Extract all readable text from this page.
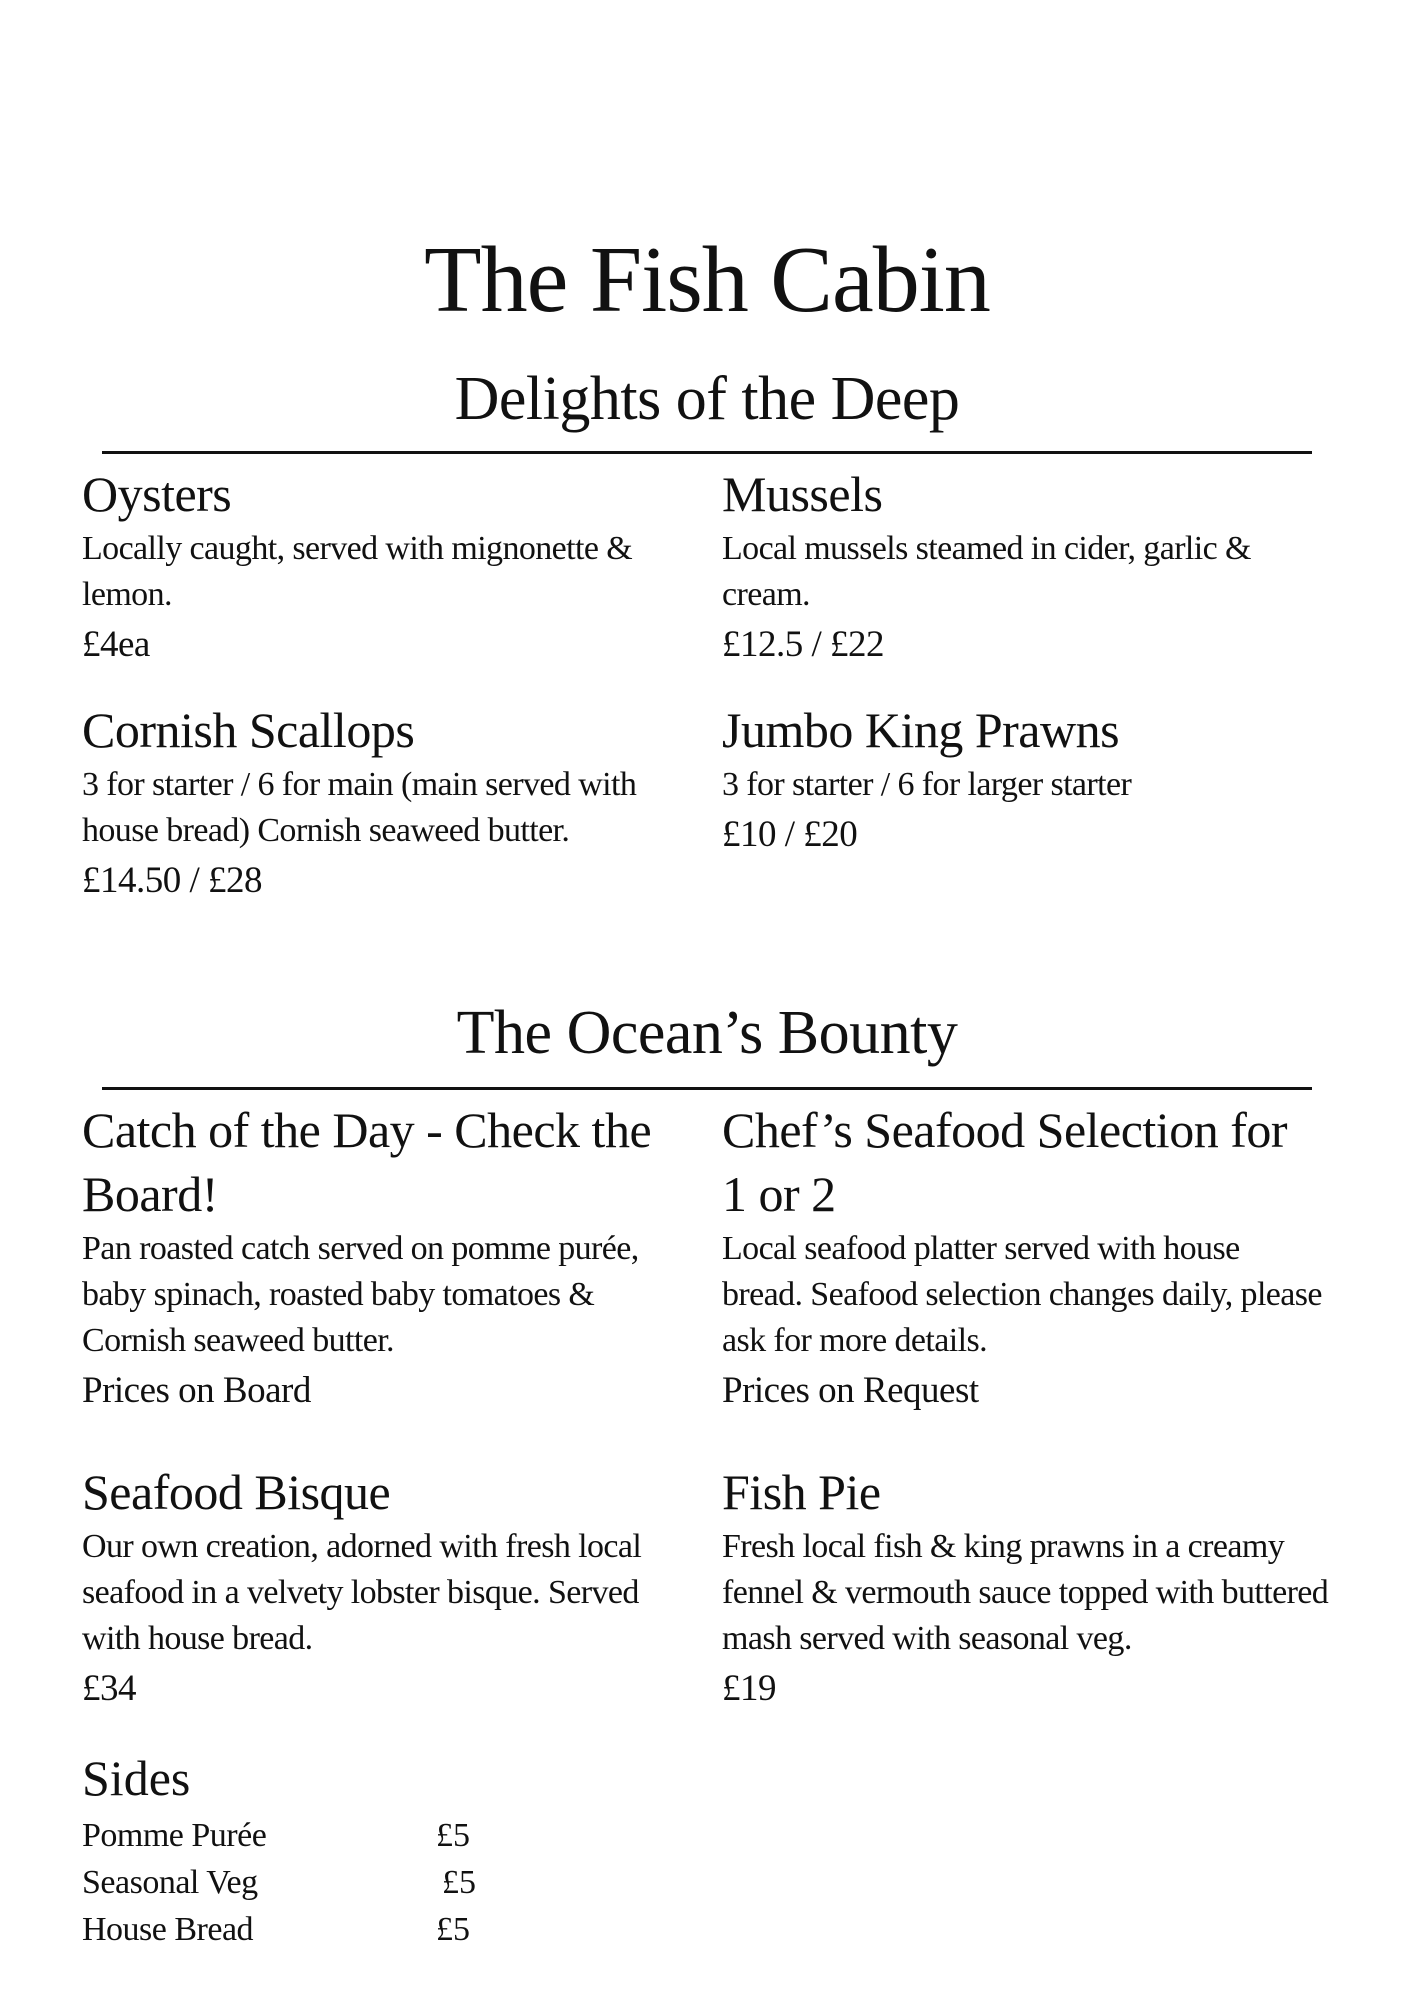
The Fish Cabin
Delights of the Deep
Oysters
Locally caught, served with mignonette & lemon.
£4ea
Mussels
Local mussels steamed in cider, garlic & cream.
£12.5 / £22
Cornish Scallops
3 for starter / 6 for main (main served with house bread) Cornish seaweed butter.
£14.50 / £28
Jumbo King Prawns
3 for starter / 6 for larger starter
£10 / £20
The Ocean’s Bounty
Catch of the Day - Check the Board!
Pan roasted catch served on pomme purée, baby spinach, roasted baby tomatoes & Cornish seaweed butter.
Prices on Board
Chef’s Seafood Selection for 1 or 2
Local seafood platter served with house bread. Seafood selection changes daily, please ask for more details.
Prices on Request
Seafood Bisque
Our own creation, adorned with fresh local seafood in a velvety lobster bisque. Served with house bread.
£34
Fish Pie
Fresh local fish & king prawns in a creamy fennel & vermouth sauce topped with buttered mash served with seasonal veg.
£19
Sides
Pomme Purée	£5
Seasonal Veg	£5
House Bread	£5
